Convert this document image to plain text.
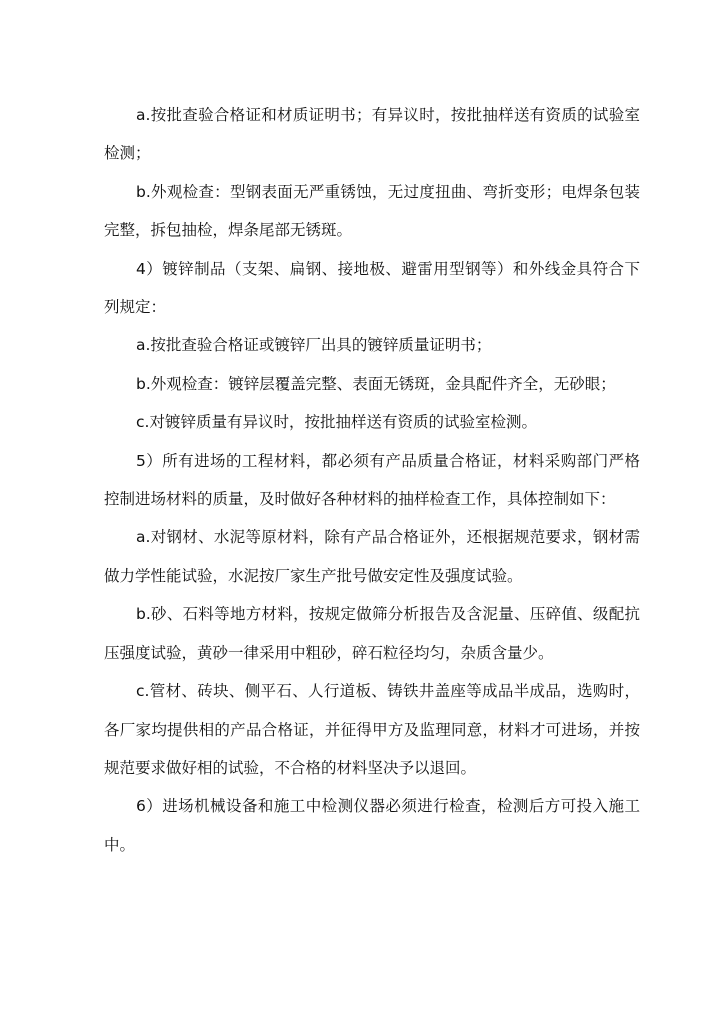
a.按批查验合格证和材质证明书；有异议时，按批抽样送有资质的试验室检测；

b.外观检查：型钢表面无严重锈蚀，无过度扭曲、弯折变形；电焊条包装完整，拆包抽检，焊条尾部无锈斑。

4）镀锌制品（支架、扁钢、接地极、避雷用型钢等）和外线金具符合下列规定：

a.按批查验合格证或镀锌厂出具的镀锌质量证明书；

b.外观检查：镀锌层覆盖完整、表面无锈斑，金具配件齐全，无砂眼；

c.对镀锌质量有异议时，按批抽样送有资质的试验室检测。

5）所有进场的工程材料，都必须有产品质量合格证，材料采购部门严格控制进场材料的质量，及时做好各种材料的抽样检查工作，具体控制如下：

a.对钢材、水泥等原材料，除有产品合格证外，还根据规范要求，钢材需做力学性能试验，水泥按厂家生产批号做安定性及强度试验。

b.砂、石料等地方材料，按规定做筛分析报告及含泥量、压碎值、级配抗压强度试验，黄砂一律采用中粗砂，碎石粒径均匀，杂质含量少。

c.管材、砖块、侧平石、人行道板、铸铁井盖座等成品半成品，选购时，各厂家均提供相的产品合格证，并征得甲方及监理同意，材料才可进场，并按规范要求做好相的试验，不合格的材料坚决予以退回。

6）进场机械设备和施工中检测仪器必须进行检查，检测后方可投入施工中。
